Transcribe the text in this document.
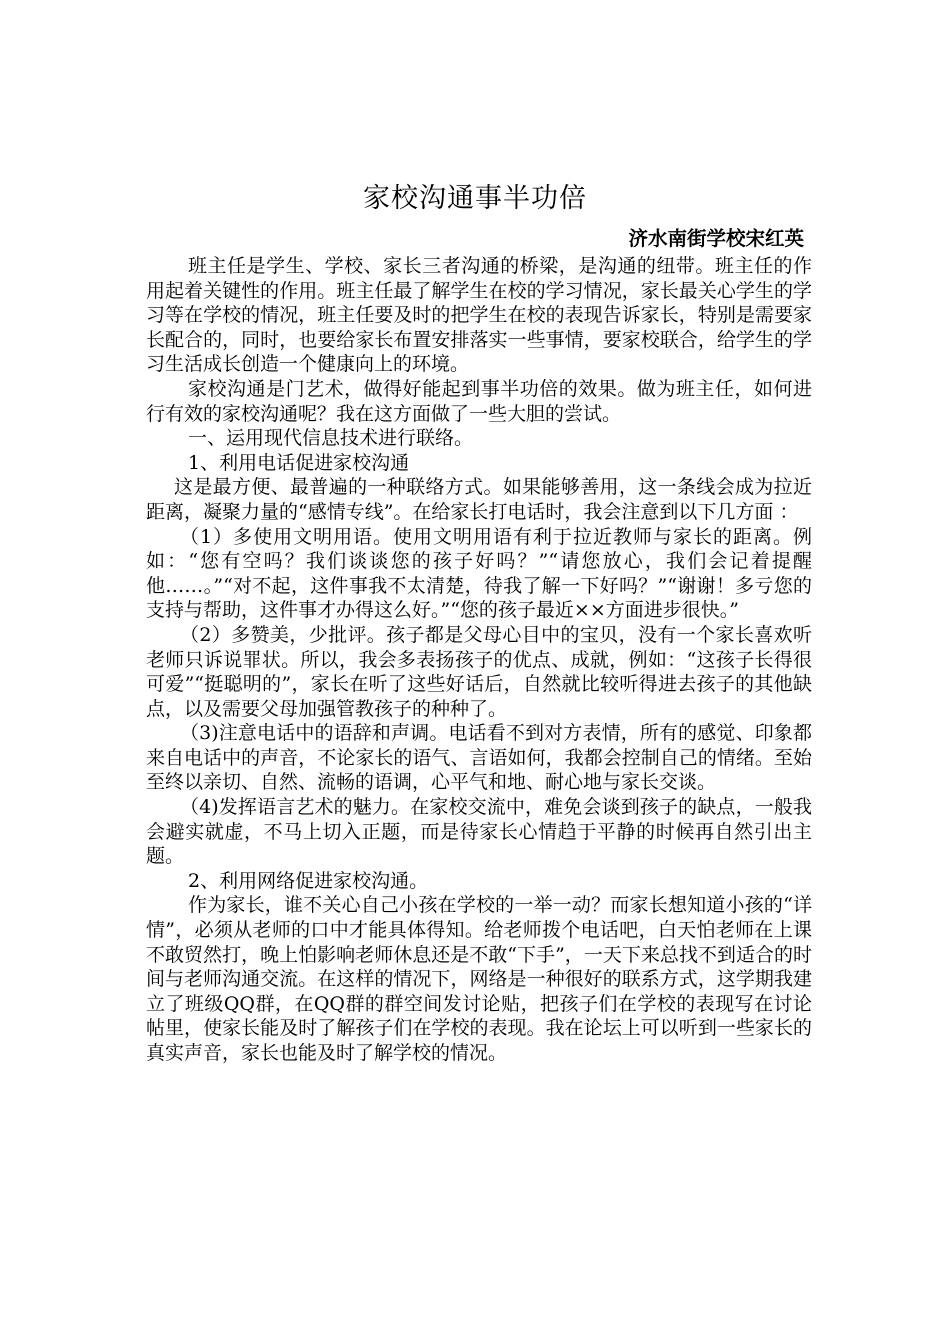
家校沟通事半功倍
济水南街学校宋红英

班主任是学生、学校、家长三者沟通的桥梁，是沟通的纽带。班主任的作用起着关键性的作用。班主任最了解学生在校的学习情况，家长最关心学生的学习等在学校的情况，班主任要及时的把学生在校的表现告诉家长，特别是需要家长配合的，同时，也要给家长布置安排落实一些事情，要家校联合，给学生的学习生活成长创造一个健康向上的环境。

家校沟通是门艺术，做得好能起到事半功倍的效果。做为班主任，如何进行有效的家校沟通呢？我在这方面做了一些大胆的尝试。

一、运用现代信息技术进行联络。

1、利用电话促进家校沟通

这是最方便、最普遍的一种联络方式。如果能够善用，这一条线会成为拉近距离，凝聚力量的“感情专线”。在给家长打电话时，我会注意到以下几方面 ：

（1）多使用文明用语。使用文明用语有利于拉近教师与家长的距离。例如：“您有空吗？我们谈谈您的孩子好吗？”“请您放心，我们会记着提醒他……。”“对不起，这件事我不太清楚，待我了解一下好吗？”“谢谢！多亏您的支持与帮助，这件事才办得这么好。”“您的孩子最近××方面进步很快。”

（2）多赞美，少批评。孩子都是父母心目中的宝贝，没有一个家长喜欢听老师只诉说罪状。所以，我会多表扬孩子的优点、成就，例如：“这孩子长得很可爱”“挺聪明的”，家长在听了这些好话后，自然就比较听得进去孩子的其他缺点，以及需要父母加强管教孩子的种种了。

（3)注意电话中的语辞和声调。电话看不到对方表情，所有的感觉、印象都来自电话中的声音，不论家长的语气、言语如何，我都会控制自己的情绪。至始至终以亲切、自然、流畅的语调，心平气和地、耐心地与家长交谈。

（4)发挥语言艺术的魅力。在家校交流中，难免会谈到孩子的缺点，一般我会避实就虚，不马上切入正题，而是待家长心情趋于平静的时候再自然引出主题。

2、利用网络促进家校沟通。

作为家长，谁不关心自己小孩在学校的一举一动？而家长想知道小孩的“详情”，必须从老师的口中才能具体得知。给老师拨个电话吧，白天怕老师在上课不敢贸然打，晚上怕影响老师休息还是不敢“下手”，一天下来总找不到适合的时间与老师沟通交流。在这样的情况下，网络是一种很好的联系方式，这学期我建立了班级QQ群，在QQ群的群空间发讨论贴，把孩子们在学校的表现写在讨论帖里，使家长能及时了解孩子们在学校的表现。我在论坛上可以听到一些家长的真实声音，家长也能及时了解学校的情况。
